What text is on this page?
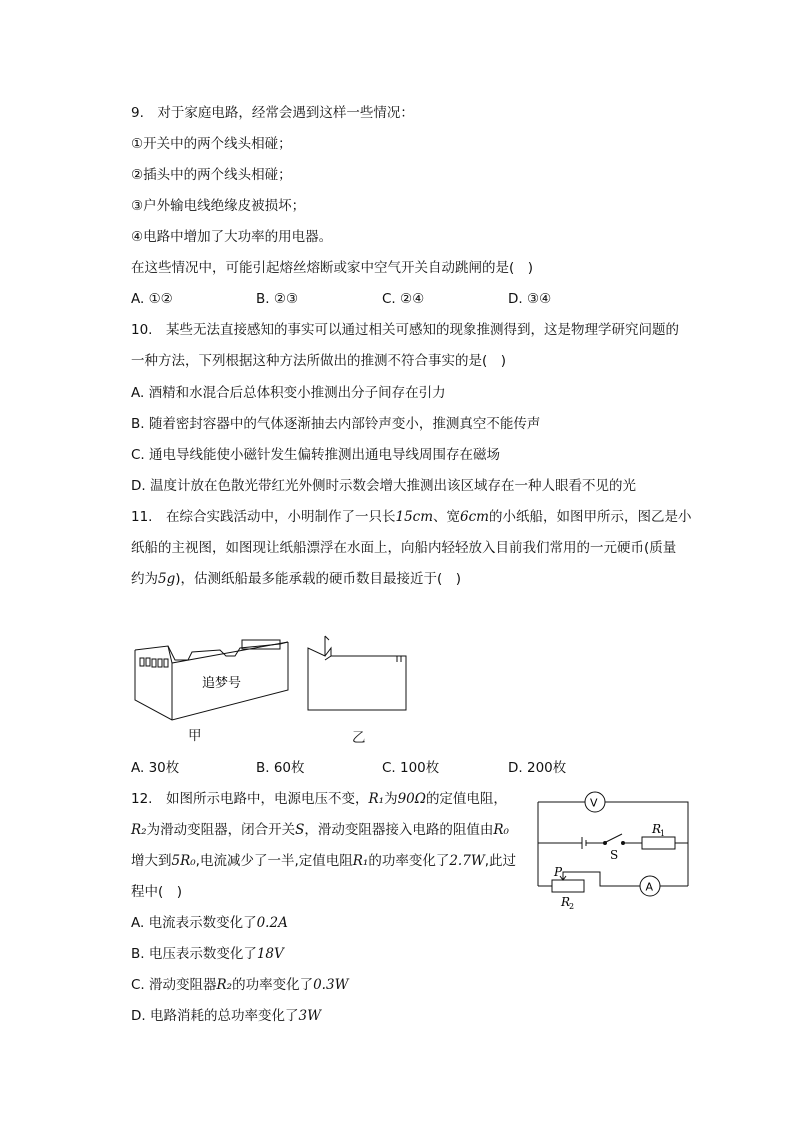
9.　对于家庭电路，经常会遇到这样一些情况：
①开关中的两个线头相碰；
②插头中的两个线头相碰；
③户外输电线绝缘皮被损坏；
④电路中增加了大功率的用电器。
在这些情况中，可能引起熔丝熔断或家中空气开关自动跳闸的是(　)
A. ①②	B. ②③	C. ②④	D. ③④
10.　某些无法直接感知的事实可以通过相关可感知的现象推测得到，这是物理学研究问题的
一种方法，下列根据这种方法所做出的推测不符合事实的是(　)
A. 酒精和水混合后总体积变小推测出分子间存在引力
B. 随着密封容器中的气体逐渐抽去内部铃声变小，推测真空不能传声
C. 通电导线能使小磁针发生偏转推测出通电导线周围存在磁场
D. 温度计放在色散光带红光外侧时示数会增大推测出该区域存在一种人眼看不见的光
11.　在综合实践活动中，小明制作了一只长15cm、宽6cm的小纸船，如图甲所示，图乙是小
纸船的主视图，如图现让纸船漂浮在水面上，向船内轻轻放入目前我们常用的一元硬币(质量
约为5g)，估测纸船最多能承载的硬币数目最接近于(　)
追梦号
甲	乙
A. 30枚	B. 60枚	C. 100枚	D. 200枚
12.　如图所示电路中，电源电压不变，R₁为90Ω的定值电阻，
R₂为滑动变阻器，闭合开关S，滑动变阻器接入电路的阻值由R₀
增大到5R₀,电流减少了一半,定值电阻R₁的功率变化了2.7W,此过
程中(　)
A. 电流表示数变化了0.2A
B. 电压表示数变化了18V
C. 滑动变阻器R₂的功率变化了0.3W
D. 电路消耗的总功率变化了3W
V
A
R
1
R
2
P
S
